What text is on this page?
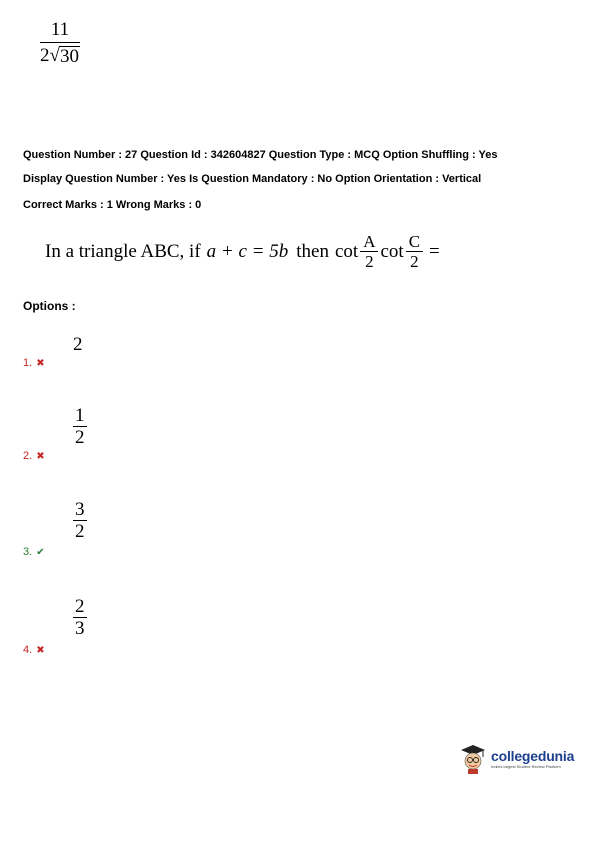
$\frac{11}{2 √ 30}$
Question Number : 27 Question Id : 342604827 Question Type : MCQ Option Shuffling : Yes
Display Question Number : Yes Is Question Mandatory : No Option Orientation : Vertical
Correct Marks : 1 Wrong Marks : 0
In a triangle ABC, if a + c = 5b then $\cot \frac{A}{2}$ $\cot \frac{C}{2}$ =
Options :
2
1. ✖
$\frac{1}{2}$
2. ✖
$\frac{3}{2}$
3. ✔
$\frac{2}{3}$
4. ✖
collegedunia
India's largest Student Review Platform
